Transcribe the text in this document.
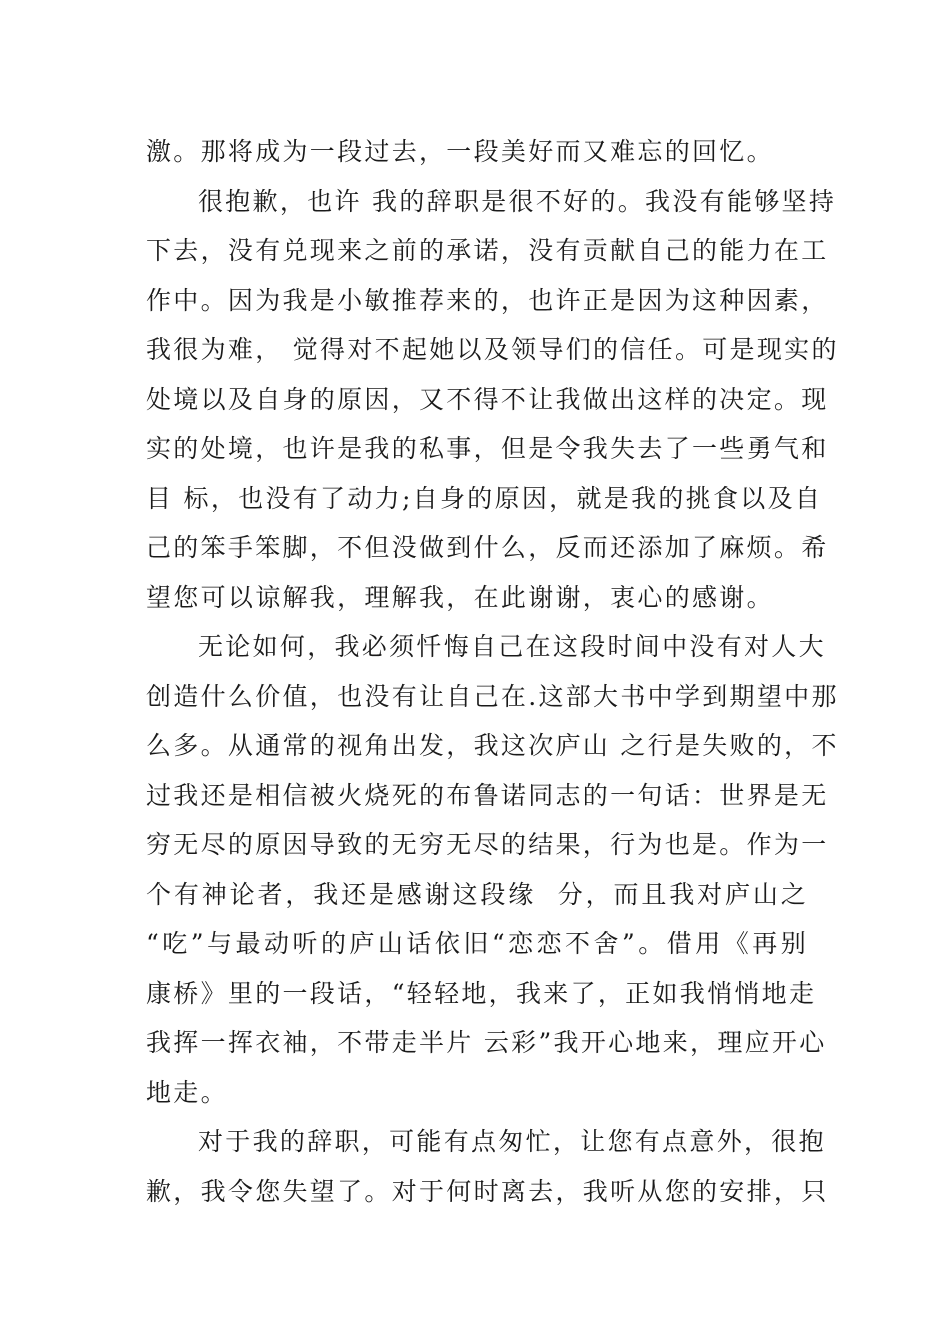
激。那将成为一段过去，一段美好而又难忘的回忆。
很抱歉，也许 我的辞职是很不好的。我没有能够坚持
下去，没有兑现来之前的承诺，没有贡献自己的能力在工
作中。因为我是小敏推荐来的，也许正是因为这种因素，
我很为难， 觉得对不起她以及领导们的信任。可是现实的
处境以及自身的原因，又不得不让我做出这样的决定。现
实的处境，也许是我的私事，但是令我失去了一些勇气和
目 标，也没有了动力;自身的原因，就是我的挑食以及自
己的笨手笨脚，不但没做到什么，反而还添加了麻烦。希
望您可以谅解我，理解我，在此谢谢，衷心的感谢。
无论如何，我必须忏悔自己在这段时间中没有对人大
创造什么价值，也没有让自己在.这部大书中学到期望中那
么多。从通常的视角出发，我这次庐山 之行是失败的，不
过我还是相信被火烧死的布鲁诺同志的一句话：世界是无
穷无尽的原因导致的无穷无尽的结果，行为也是。作为一
个有神论者，我还是感谢这段缘  分，而且我对庐山之
“吃”与最动听的庐山话依旧“恋恋不舍”。借用《再别
康桥》里的一段话，“轻轻地，我来了，正如我悄悄地走
我挥一挥衣袖，不带走半片 云彩”我开心地来，理应开心
地走。
对于我的辞职，可能有点匆忙，让您有点意外，很抱
歉，我令您失望了。对于何时离去，我听从您的安排，只
